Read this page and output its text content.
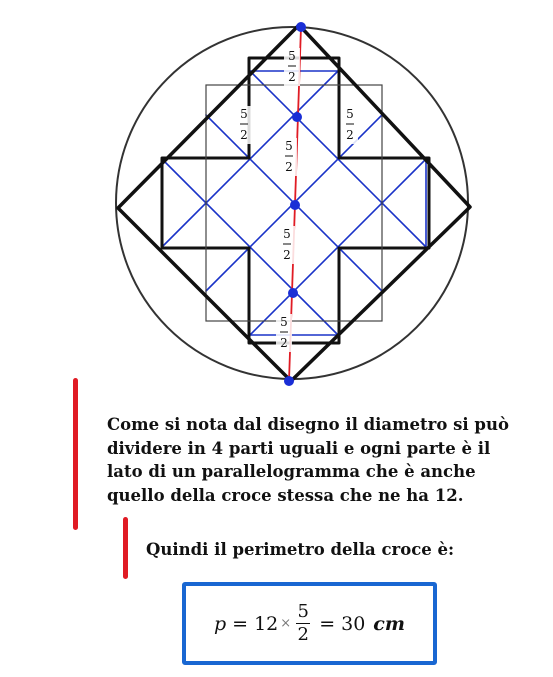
5
2
5
2
5
2
5
2
5
2
5
2

Come si nota dal disegno il diametro si può
dividere in 4 parti uguali e ogni parte è il
lato di un parallelogramma che è anche
quello della croce stessa che ne ha 12.

Quindi il perimetro della croce è:

$p = 12 \times \frac{5}{2} = 30$ cm
